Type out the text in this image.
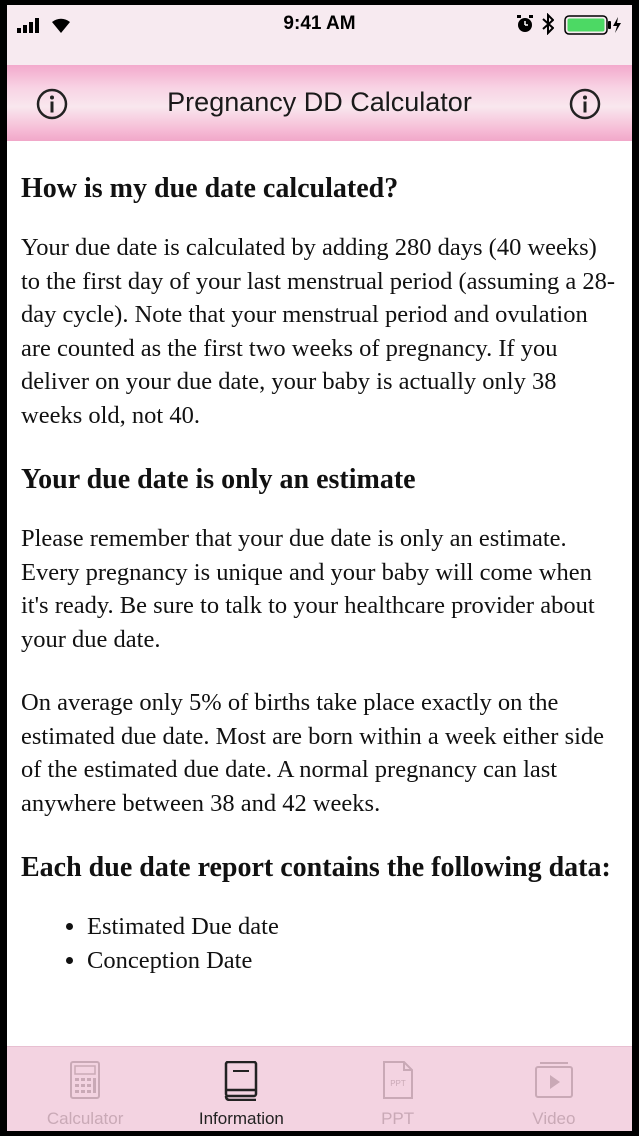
9:41 AM
Pregnancy DD Calculator
How is my due date calculated?

Your due date is calculated by adding 280 days (40 weeks) to the first day of your last menstrual period (assuming a 28-day cycle). Note that your menstrual period and ovulation are counted as the first two weeks of pregnancy. If you deliver on your due date, your baby is actually only 38 weeks old, not 40.

Your due date is only an estimate

Please remember that your due date is only an estimate. Every pregnancy is unique and your baby will come when it's ready. Be sure to talk to your healthcare provider about your due date.

On average only 5% of births take place exactly on the estimated due date. Most are born within a week either side of the estimated due date. A normal pregnancy can last anywhere between 38 and 42 weeks.

Each due date report contains the following data:
• Estimated Due date
• Conception Date
Calculator	Information
PPT
PPT	Video
